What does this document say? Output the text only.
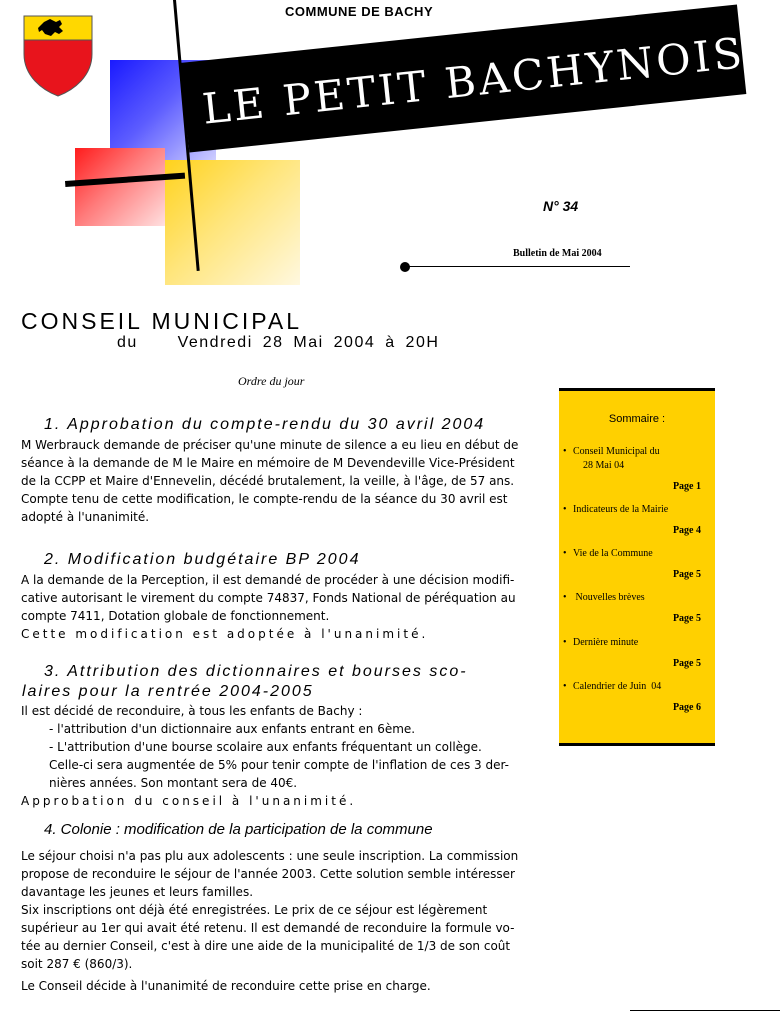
COMMUNE DE BACHY
LE PETIT BACHYNOIS
N° 34
Bulletin de Mai 2004
CONSEIL MUNICIPAL
du    Vendredi 28 Mai 2004 à 20H
Ordre du jour
1. Approbation du compte-rendu du 30 avril 2004

M Werbrauck demande de préciser qu'une minute de silence a eu lieu en début de

séance à la demande de M le Maire en mémoire de M Devendeville Vice-Président

de la CCPP et Maire d'Ennevelin, décédé brutalement, la veille, à l'âge, de 57 ans.

Compte tenu de cette modification, le compte-rendu de la séance du 30 avril est

adopté à l'unanimité.

2. Modification budgétaire BP 2004

A la demande de la Perception, il est demandé de procéder à une décision modifi-

cative autorisant le virement du compte 74837, Fonds National de péréquation au

compte 7411, Dotation globale de fonctionnement.

Cette modification est adoptée à l'unanimité.

3. Attribution des dictionnaires et bourses sco-
laires pour la rentrée 2004-2005

Il est décidé de reconduire, à tous les enfants de Bachy :

- l'attribution d'un dictionnaire aux enfants entrant en 6ème.

- L'attribution d'une bourse scolaire aux enfants fréquentant un collège.

Celle-ci sera augmentée de 5% pour tenir compte de l'inflation de ces 3 der-

nières années. Son montant sera de 40€.

Approbation du conseil à l'unanimité.

4. Colonie : modification de la participation de la commune

Le séjour choisi n'a pas plu aux adolescents : une seule inscription. La commission

propose de reconduire le séjour de l'année 2003. Cette solution semble intéresser

davantage les jeunes et leurs familles.

Six inscriptions ont déjà été enregistrées. Le prix de ce séjour est légèrement

supérieur au 1er qui avait été retenu. Il est demandé de reconduire la formule vo-

tée au dernier Conseil, c'est à dire une aide de la municipalité de 1/3 de son coût

soit 287 € (860/3).

Le Conseil décide à l'unanimité de reconduire cette prise en charge.

Sommaire :
• Conseil Municipal du
28 Mai 04
Page 1
• Indicateurs de la Mairie
Page 4
• Vie de la Commune
Page 5
•  Nouvelles brèves
Page 5
• Dernière minute
Page 5
• Calendrier de Juin  04
Page 6
